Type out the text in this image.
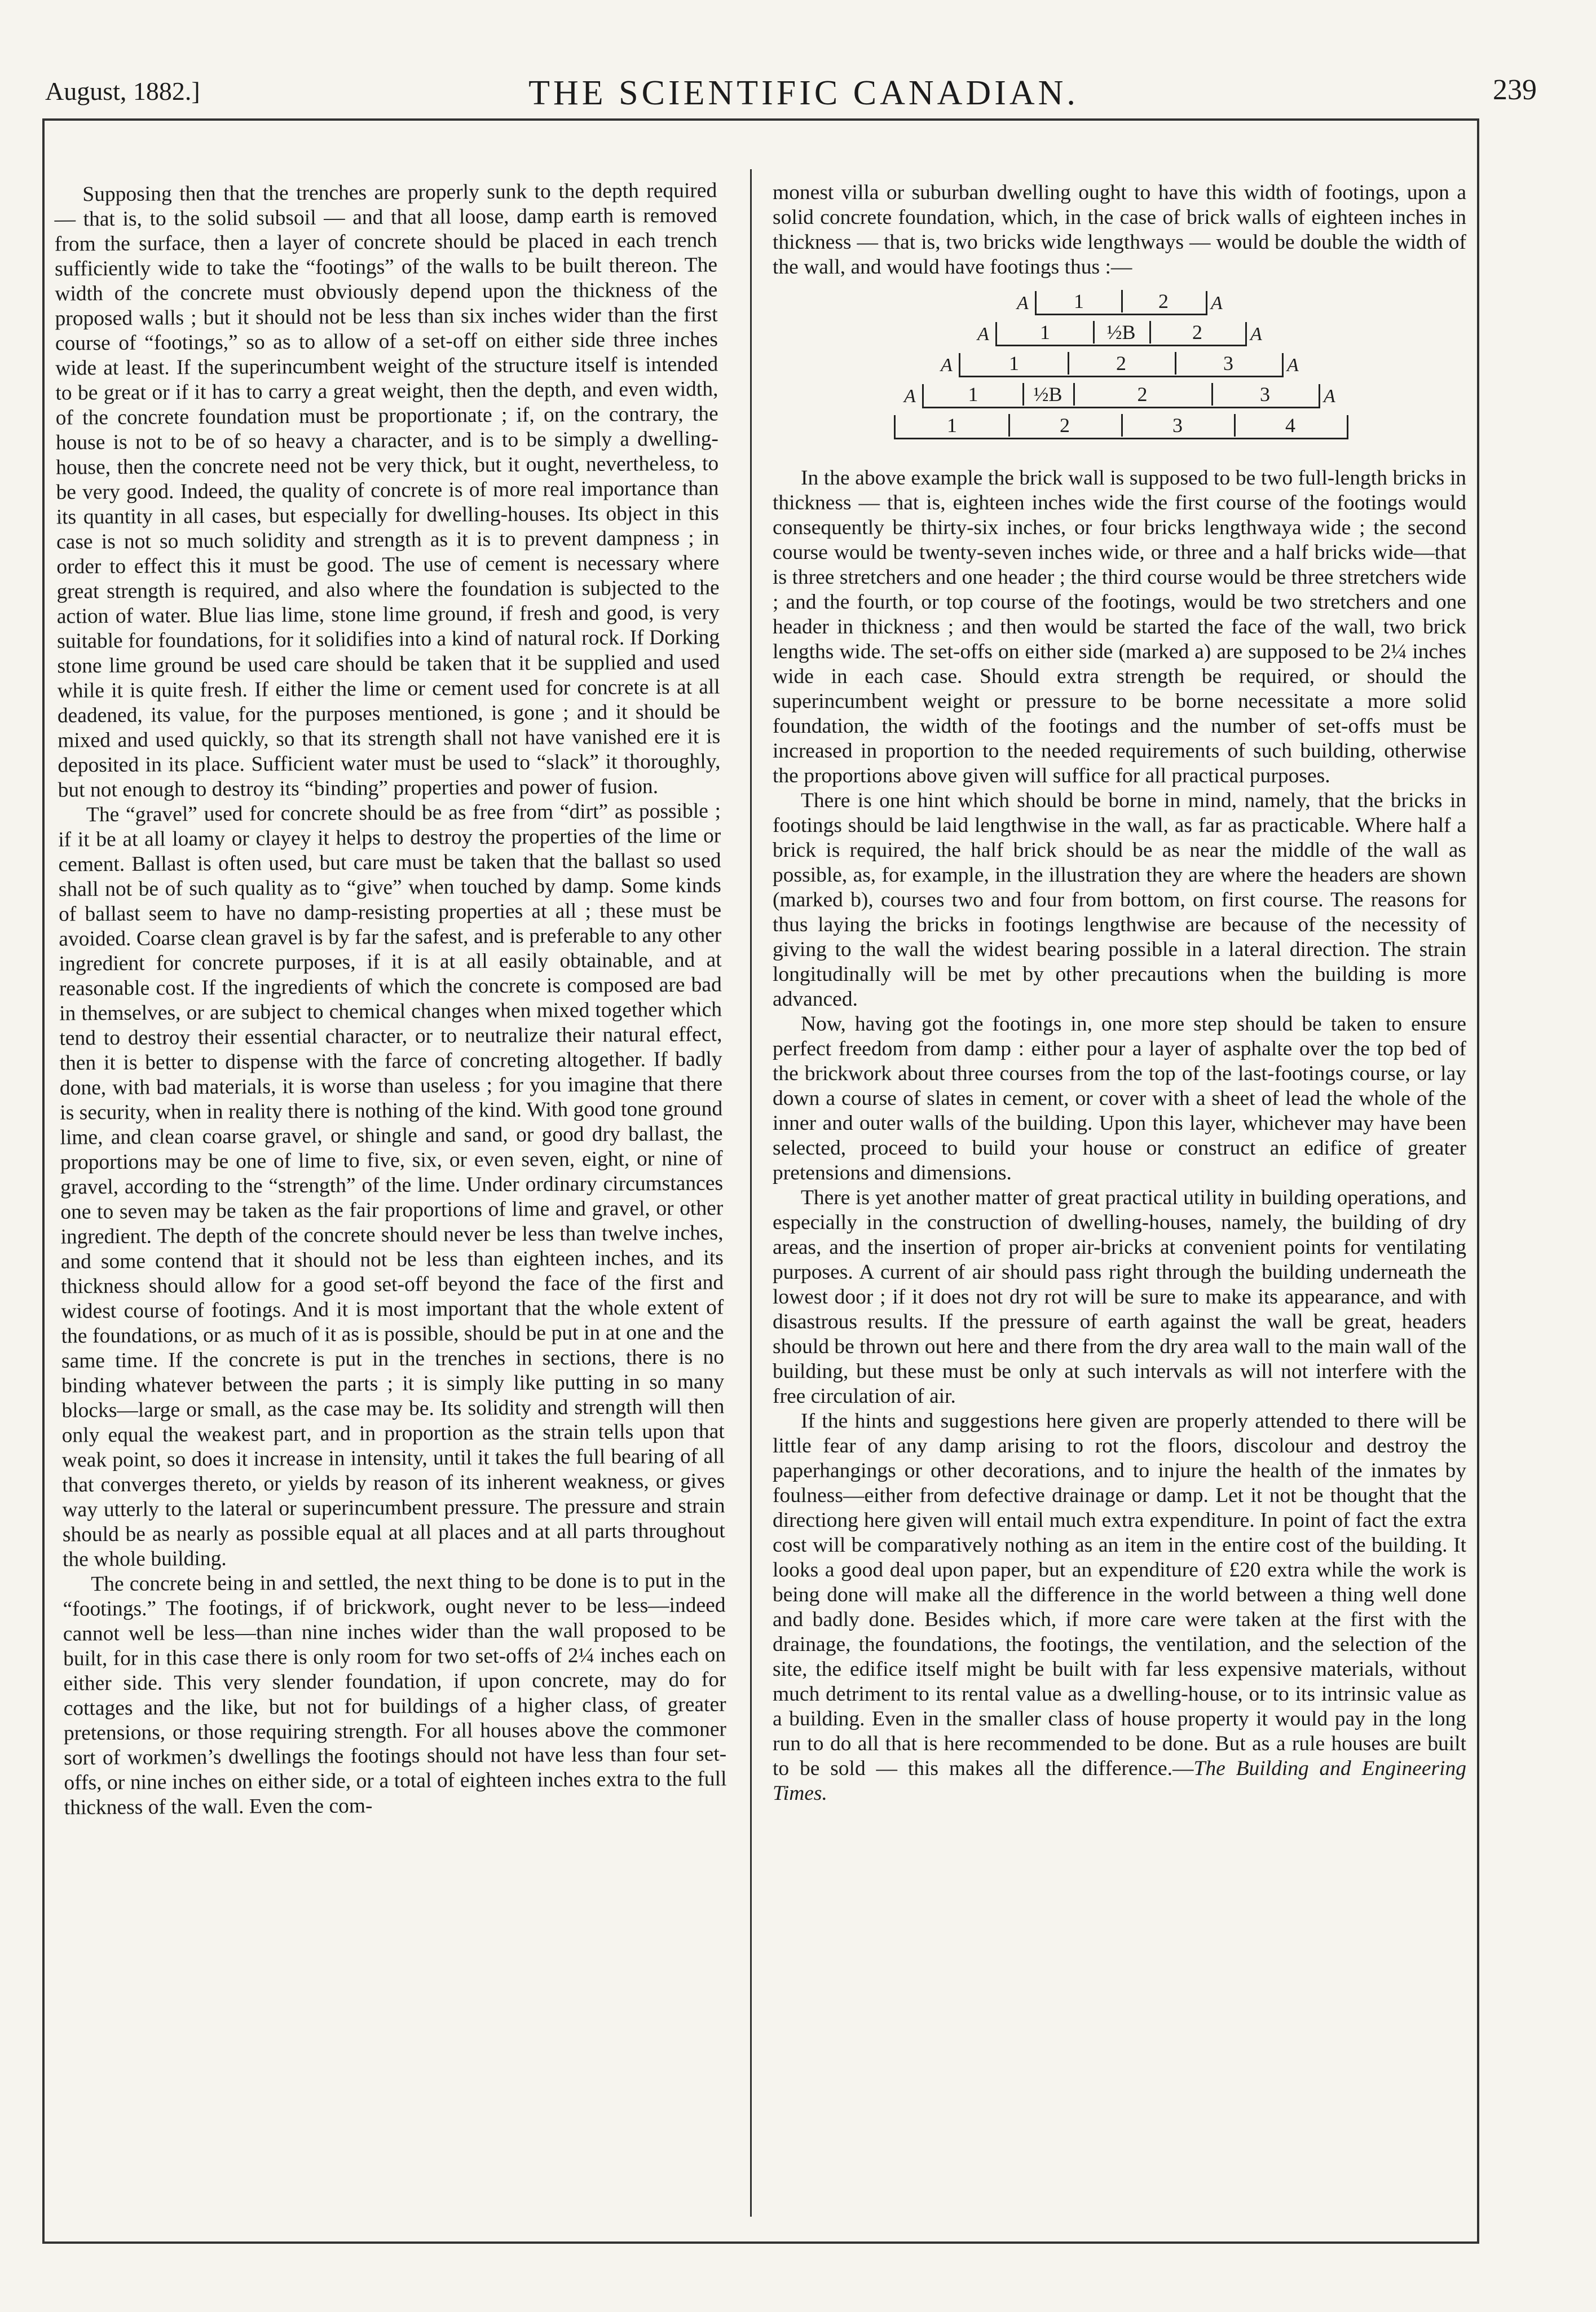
August, 1882.]	THE SCIENTIFIC CANADIAN.	239

Supposing then that the trenches are properly sunk to the depth required — that is, to the solid subsoil — and that all loose, damp earth is removed from the surface, then a layer of concrete should be placed in each trench sufficiently wide to take the “footings” of the walls to be built thereon. The width of the concrete must obviously depend upon the thickness of the proposed walls ; but it should not be less than six inches wider than the first course of “footings,” so as to allow of a set-off on either side three inches wide at least. If the superincumbent weight of the structure itself is intended to be great or if it has to carry a great weight, then the depth, and even width, of the concrete foundation must be proportionate ; if, on the contrary, the house is not to be of so heavy a character, and is to be simply a dwelling-house, then the concrete need not be very thick, but it ought, nevertheless, to be very good. Indeed, the quality of concrete is of more real importance than its quantity in all cases, but especially for dwelling-houses. Its object in this case is not so much solidity and strength as it is to prevent dampness ; in order to effect this it must be good. The use of cement is necessary where great strength is required, and also where the foundation is subjected to the action of water. Blue lias lime, stone lime ground, if fresh and good, is very suitable for foundations, for it solidifies into a kind of natural rock. If Dorking stone lime ground be used care should be taken that it be supplied and used while it is quite fresh. If either the lime or cement used for concrete is at all deadened, its value, for the purposes mentioned, is gone ; and it should be mixed and used quickly, so that its strength shall not have vanished ere it is deposited in its place. Sufficient water must be used to “slack” it thoroughly, but not enough to destroy its “binding” properties and power of fusion.

The “gravel” used for concrete should be as free from “dirt” as possible ; if it be at all loamy or clayey it helps to destroy the properties of the lime or cement. Ballast is often used, but care must be taken that the ballast so used shall not be of such quality as to “give” when touched by damp. Some kinds of ballast seem to have no damp-resisting properties at all ; these must be avoided. Coarse clean gravel is by far the safest, and is preferable to any other ingredient for concrete purposes, if it is at all easily obtainable, and at reasonable cost. If the ingredients of which the concrete is composed are bad in themselves, or are subject to chemical changes when mixed together which tend to destroy their essential character, or to neutralize their natural effect, then it is better to dispense with the farce of concreting altogether. If badly done, with bad materials, it is worse than useless ; for you imagine that there is security, when in reality there is nothing of the kind. With good tone ground lime, and clean coarse gravel, or shingle and sand, or good dry ballast, the proportions may be one of lime to five, six, or even seven, eight, or nine of gravel, according to the “strength” of the lime. Under ordinary circumstances one to seven may be taken as the fair proportions of lime and gravel, or other ingredient. The depth of the concrete should never be less than twelve inches, and some contend that it should not be less than eighteen inches, and its thickness should allow for a good set-off beyond the face of the first and widest course of footings. And it is most important that the whole extent of the foundations, or as much of it as is possible, should be put in at one and the same time. If the concrete is put in the trenches in sections, there is no binding whatever between the parts ; it is simply like putting in so many blocks—large or small, as the case may be. Its solidity and strength will then only equal the weakest part, and in proportion as the strain tells upon that weak point, so does it increase in intensity, until it takes the full bearing of all that converges thereto, or yields by reason of its inherent weakness, or gives way utterly to the lateral or superincumbent pressure. The pressure and strain should be as nearly as possible equal at all places and at all parts throughout the whole building.

The concrete being in and settled, the next thing to be done is to put in the “footings.” The footings, if of brickwork, ought never to be less—indeed cannot well be less—than nine inches wider than the wall proposed to be built, for in this case there is only room for two set-offs of 2¼ inches each on either side. This very slender foundation, if upon concrete, may do for cottages and the like, but not for buildings of a higher class, of greater pretensions, or those requiring strength. For all houses above the commoner sort of workmen’s dwellings the footings should not have less than four set-offs, or nine inches on either side, or a total of eighteen inches extra to the full thickness of the wall. Even the com-

monest villa or suburban dwelling ought to have this width of footings, upon a solid concrete foundation, which, in the case of brick walls of eighteen inches in thickness — that is, two bricks wide lengthways — would be double the width of the wall, and would have footings thus :—

1	2
A	A
1	½B	2
A	A
1	2	3
A	A
1	½B	2	3
A	A
1	2	3	4

In the above example the brick wall is supposed to be two full-length bricks in thickness — that is, eighteen inches wide the first course of the footings would consequently be thirty-six inches, or four bricks lengthwaya wide ; the second course would be twenty-seven inches wide, or three and a half bricks wide—that is three stretchers and one header ; the third course would be three stretchers wide ; and the fourth, or top course of the footings, would be two stretchers and one header in thickness ; and then would be started the face of the wall, two brick lengths wide. The set-offs on either side (marked a) are supposed to be 2¼ inches wide in each case. Should extra strength be required, or should the superincumbent weight or pressure to be borne necessitate a more solid foundation, the width of the footings and the number of set-offs must be increased in proportion to the needed requirements of such building, otherwise the proportions above given will suffice for all practical purposes.

There is one hint which should be borne in mind, namely, that the bricks in footings should be laid lengthwise in the wall, as far as practicable. Where half a brick is required, the half brick should be as near the middle of the wall as possible, as, for example, in the illustration they are where the headers are shown (marked b), courses two and four from bottom, on first course. The reasons for thus laying the bricks in footings lengthwise are because of the necessity of giving to the wall the widest bearing possible in a lateral direction. The strain longitudinally will be met by other precautions when the building is more advanced.

Now, having got the footings in, one more step should be taken to ensure perfect freedom from damp : either pour a layer of asphalte over the top bed of the brickwork about three courses from the top of the last-footings course, or lay down a course of slates in cement, or cover with a sheet of lead the whole of the inner and outer walls of the building. Upon this layer, whichever may have been selected, proceed to build your house or construct an edifice of greater pretensions and dimensions.

There is yet another matter of great practical utility in building operations, and especially in the construction of dwelling-houses, namely, the building of dry areas, and the insertion of proper air-bricks at convenient points for ventilating purposes. A current of air should pass right through the building underneath the lowest door ; if it does not dry rot will be sure to make its appearance, and with disastrous results. If the pressure of earth against the wall be great, headers should be thrown out here and there from the dry area wall to the main wall of the building, but these must be only at such intervals as will not interfere with the free circulation of air.

If the hints and suggestions here given are properly attended to there will be little fear of any damp arising to rot the floors, discolour and destroy the paperhangings or other decorations, and to injure the health of the inmates by foulness—either from defective drainage or damp. Let it not be thought that the directiong here given will entail much extra expenditure. In point of fact the extra cost will be comparatively nothing as an item in the entire cost of the building. It looks a good deal upon paper, but an expenditure of £20 extra while the work is being done will make all the difference in the world between a thing well done and badly done. Besides which, if more care were taken at the first with the drainage, the foundations, the footings, the ventilation, and the selection of the site, the edifice itself might be built with far less expensive materials, without much detriment to its rental value as a dwelling-house, or to its intrinsic value as a building. Even in the smaller class of house property it would pay in the long run to do all that is here recommended to be done. But as a rule houses are built to be sold — this makes all the difference.—The Building and Engineering Times.
